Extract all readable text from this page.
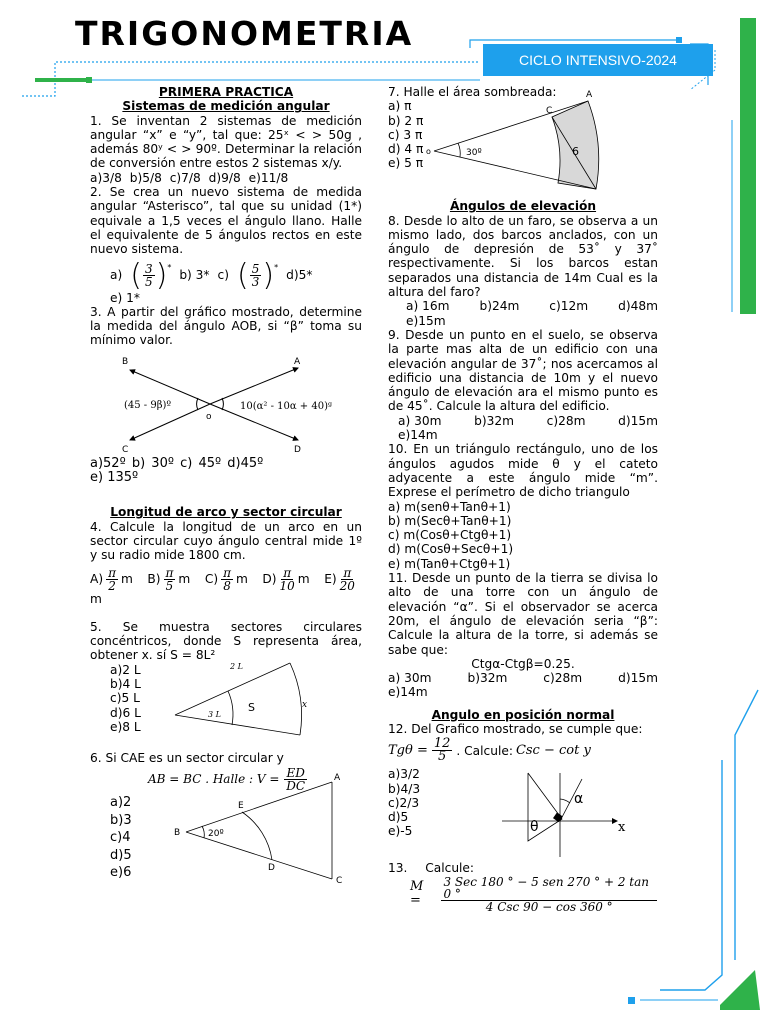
TRIGONOMETRIA
CICLO INTENSIVO-2024
PRIMERA PRACTICA
Sistemas de medición angular
1. Se inventan 2 sistemas de medición angular “x” e “y”, tal que: 25ˣ < > 50g , además 80ʸ < > 90º. Determinar la relación de conversión entre estos 2 sistemas x/y.
a)3/8 b)5/8 c)7/8 d)9/8 e)11/8
2. Se crea un nuevo sistema de medida angular “Asterisco”, tal que su unidad (1*) equivale a 1,5 veces el ángulo llano. Halle el equivalente de 5 ángulos rectos en este nuevo sistema.
a) ( $\frac{3}{5} )^*$
b) 3* c) ( $\frac{5}{3} )^*$
d)5*
e) 1*
3. A partir del gráfico mostrado, determine la medida del ángulo AOB, si “β” toma su mínimo valor.
B	A
C	D
o
(45 - 9β)º	10(α² - 10α + 40)ᵍ
a)52º b) 30º c) 45º d)45º
e) 135º
Longitud de arco y sector circular
4. Calcule la longitud de un arco en un sector circular cuyo ángulo central mide 1º y su radio mide 1800 cm.
$A) \frac{\pi}{2}$ m $B) \frac{\pi}{5}$ m $C) \frac{\pi}{8}$ m $D) \frac{\pi}{10}$ m $E) \frac{\pi}{20}$
m
5. Se muestra sectores circulares concéntricos, donde S representa área, obtener x. sí S = 8L²
a)2 L
b)4 L
c)5 L
d)6 L
e)8 L
2 L
3 L
S	x
6. Si CAE es un sector circular y
AB = BC . Halle : $V = \frac{ED}{DC}$
a)2
b)3
c)4
d)5
e)6
A
B
C
D
E
20º
7. Halle el área sombreada:
a) π
b) 2 π
c) 3 π
d) 4 π
e) 5 π
C
A
o	30º	6
Ángulos de elevación
8. Desde lo alto de un faro, se observa a un mismo lado, dos barcos anclados, con un ángulo de depresión de 53˚ y 37˚ respectivamente. Si los barcos estan separados una distancia de 14m Cual es la altura del faro?
a) 16m b)24m c)12m d)48m
e)15m
9. Desde un punto en el suelo, se observa la parte mas alta de un edificio con una elevación angular de 37˚; nos acercamos al edificio una distancia de 10m y el nuevo ángulo de elevación ara el mismo punto es de 45˚. Calcule la altura del edificio.
a) 30m	b)32m	c)28m	d)15m
e)14m
10. En un triángulo rectángulo, uno de los ángulos agudos mide θ y el cateto adyacente a este ángulo mide “m”. Exprese el perímetro de dicho triangulo
a) m(senθ+Tanθ+1)
b) m(Secθ+Tanθ+1)
c) m(Cosθ+Ctgθ+1)
d) m(Cosθ+Secθ+1)
e) m(Tanθ+Ctgθ+1)
11. Desde un punto de la tierra se divisa lo alto de una torre con un ángulo de elevación “α”. Si el observador se acerca 20m, el ángulo de elevación seria “β”: Calcule la altura de la torre, si además se sabe que:
Ctgα-Ctgβ=0.25.
a) 30m	b)32m	c)28m	d)15m
e)14m
Angulo en posición normal
12. Del Grafico mostrado, se cumple que:
$Tg\theta = \frac{12}{5}$ . Calcule: Csc − cot y
a)3/2
b)4/3
c)2/3
d)5
e)-5
α
θ	x
13. Calcule:
M =	$\frac{\text{3 Sec 180 ° − 5 sen 270 ° + 2 tan 0 °}}{\text{4 Csc 90 − cos 360 °}}$
